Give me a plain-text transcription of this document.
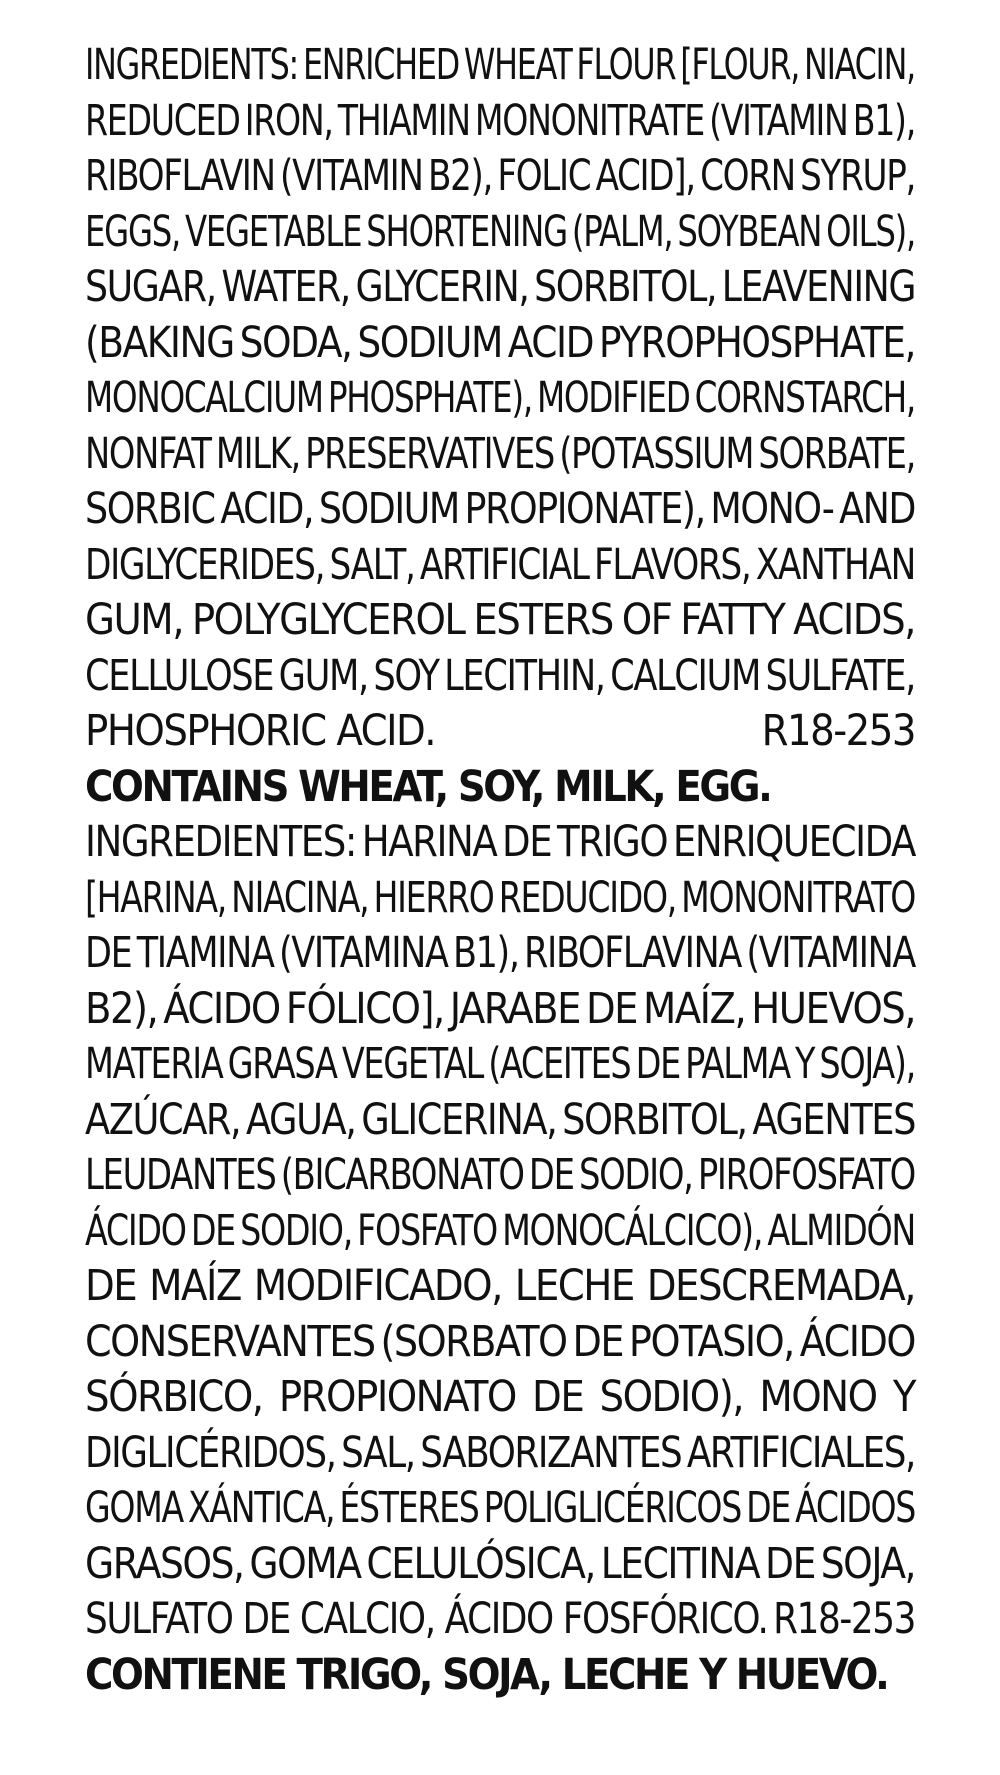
INGREDIENTS: ENRICHED WHEAT FLOUR [FLOUR, NIACIN,
REDUCED IRON, THIAMIN MONONITRATE (VITAMIN B1),
RIBOFLAVIN (VITAMIN B2), FOLIC ACID], CORN SYRUP,
EGGS, VEGETABLE SHORTENING (PALM, SOYBEAN OILS),
SUGAR, WATER, GLYCERIN, SORBITOL, LEAVENING
(BAKING SODA, SODIUM ACID PYROPHOSPHATE,
MONOCALCIUM PHOSPHATE), MODIFIED CORNSTARCH,
NONFAT MILK, PRESERVATIVES (POTASSIUM SORBATE,
SORBIC ACID, SODIUM PROPIONATE), MONO- AND
DIGLYCERIDES, SALT, ARTIFICIAL FLAVORS, XANTHAN
GUM, POLYGLYCEROL ESTERS OF FATTY ACIDS,
CELLULOSE GUM, SOY LECITHIN, CALCIUM SULFATE,
PHOSPHORIC ACID.	R18-253
CONTAINS WHEAT, SOY, MILK, EGG.
INGREDIENTES: HARINA DE TRIGO ENRIQUECIDA
[HARINA, NIACINA, HIERRO REDUCIDO, MONONITRATO
DE TIAMINA (VITAMINA B1), RIBOFLAVINA (VITAMINA
B2), ÁCIDO FÓLICO], JARABE DE MAÍZ, HUEVOS,
MATERIA GRASA VEGETAL (ACEITES DE PALMA Y SOJA),
AZÚCAR, AGUA, GLICERINA, SORBITOL, AGENTES
LEUDANTES (BICARBONATO DE SODIO, PIROFOSFATO
ÁCIDO DE SODIO, FOSFATO MONOCÁLCICO), ALMIDÓN
DE MAÍZ MODIFICADO, LECHE DESCREMADA,
CONSERVANTES (SORBATO DE POTASIO, ÁCIDO
SÓRBICO, PROPIONATO DE SODIO), MONO Y
DIGLICÉRIDOS, SAL, SABORIZANTES ARTIFICIALES,
GOMA XÁNTICA, ÉSTERES POLIGLICÉRICOS DE ÁCIDOS
GRASOS, GOMA CELULÓSICA, LECITINA DE SOJA,
SULFATO DE CALCIO, ÁCIDO FOSFÓRICO. R18-253
CONTIENE TRIGO, SOJA, LECHE Y HUEVO.
